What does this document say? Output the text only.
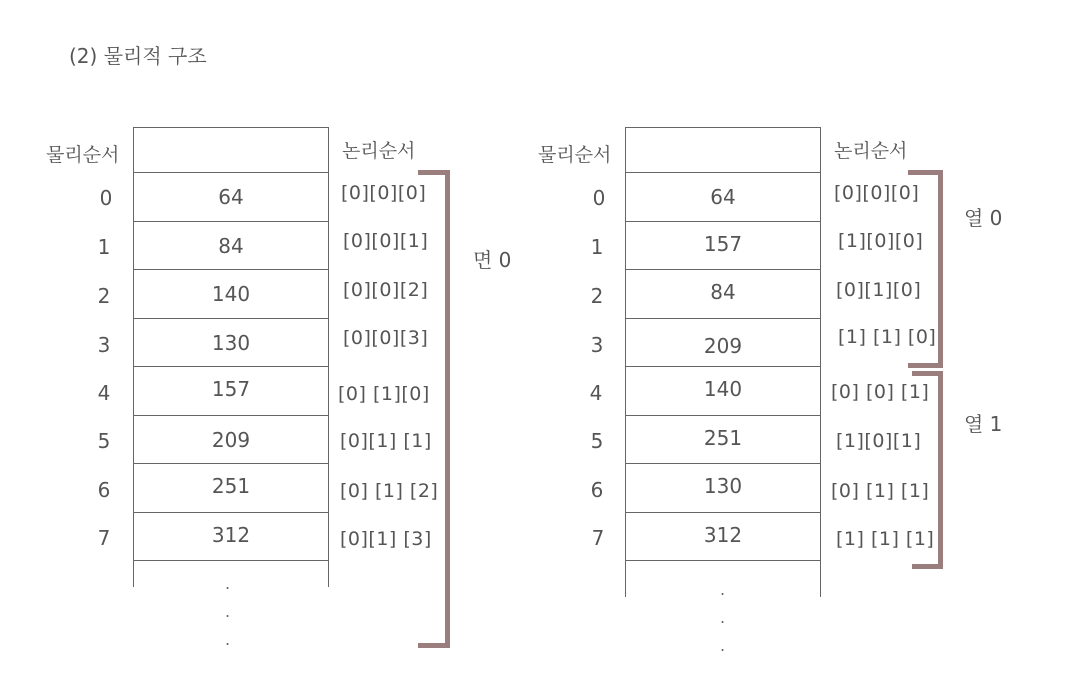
(2) 물리적 구조
물리순서	논리순서
64
84
140
130
157
209
251
312
0
1
2
3
4
5
6
7
[0][0][0]
[0][0][1]
[0][0][2]
[0][0][3]
[0] [1][0]
[0][1] [1]
[0] [1] [2]
[0][1] [3]
면 0
.
.
.
물리순서	논리순서
64
157
84
209
140
251
130
312
0
1
2
3
4
5
6
7
[0][0][0]
[1][0][0]
[0][1][0]
[1] [1] [0]
[0] [0] [1]
[1][0][1]
[0] [1] [1]
[1] [1] [1]
열 0
열 1
.
.
.
